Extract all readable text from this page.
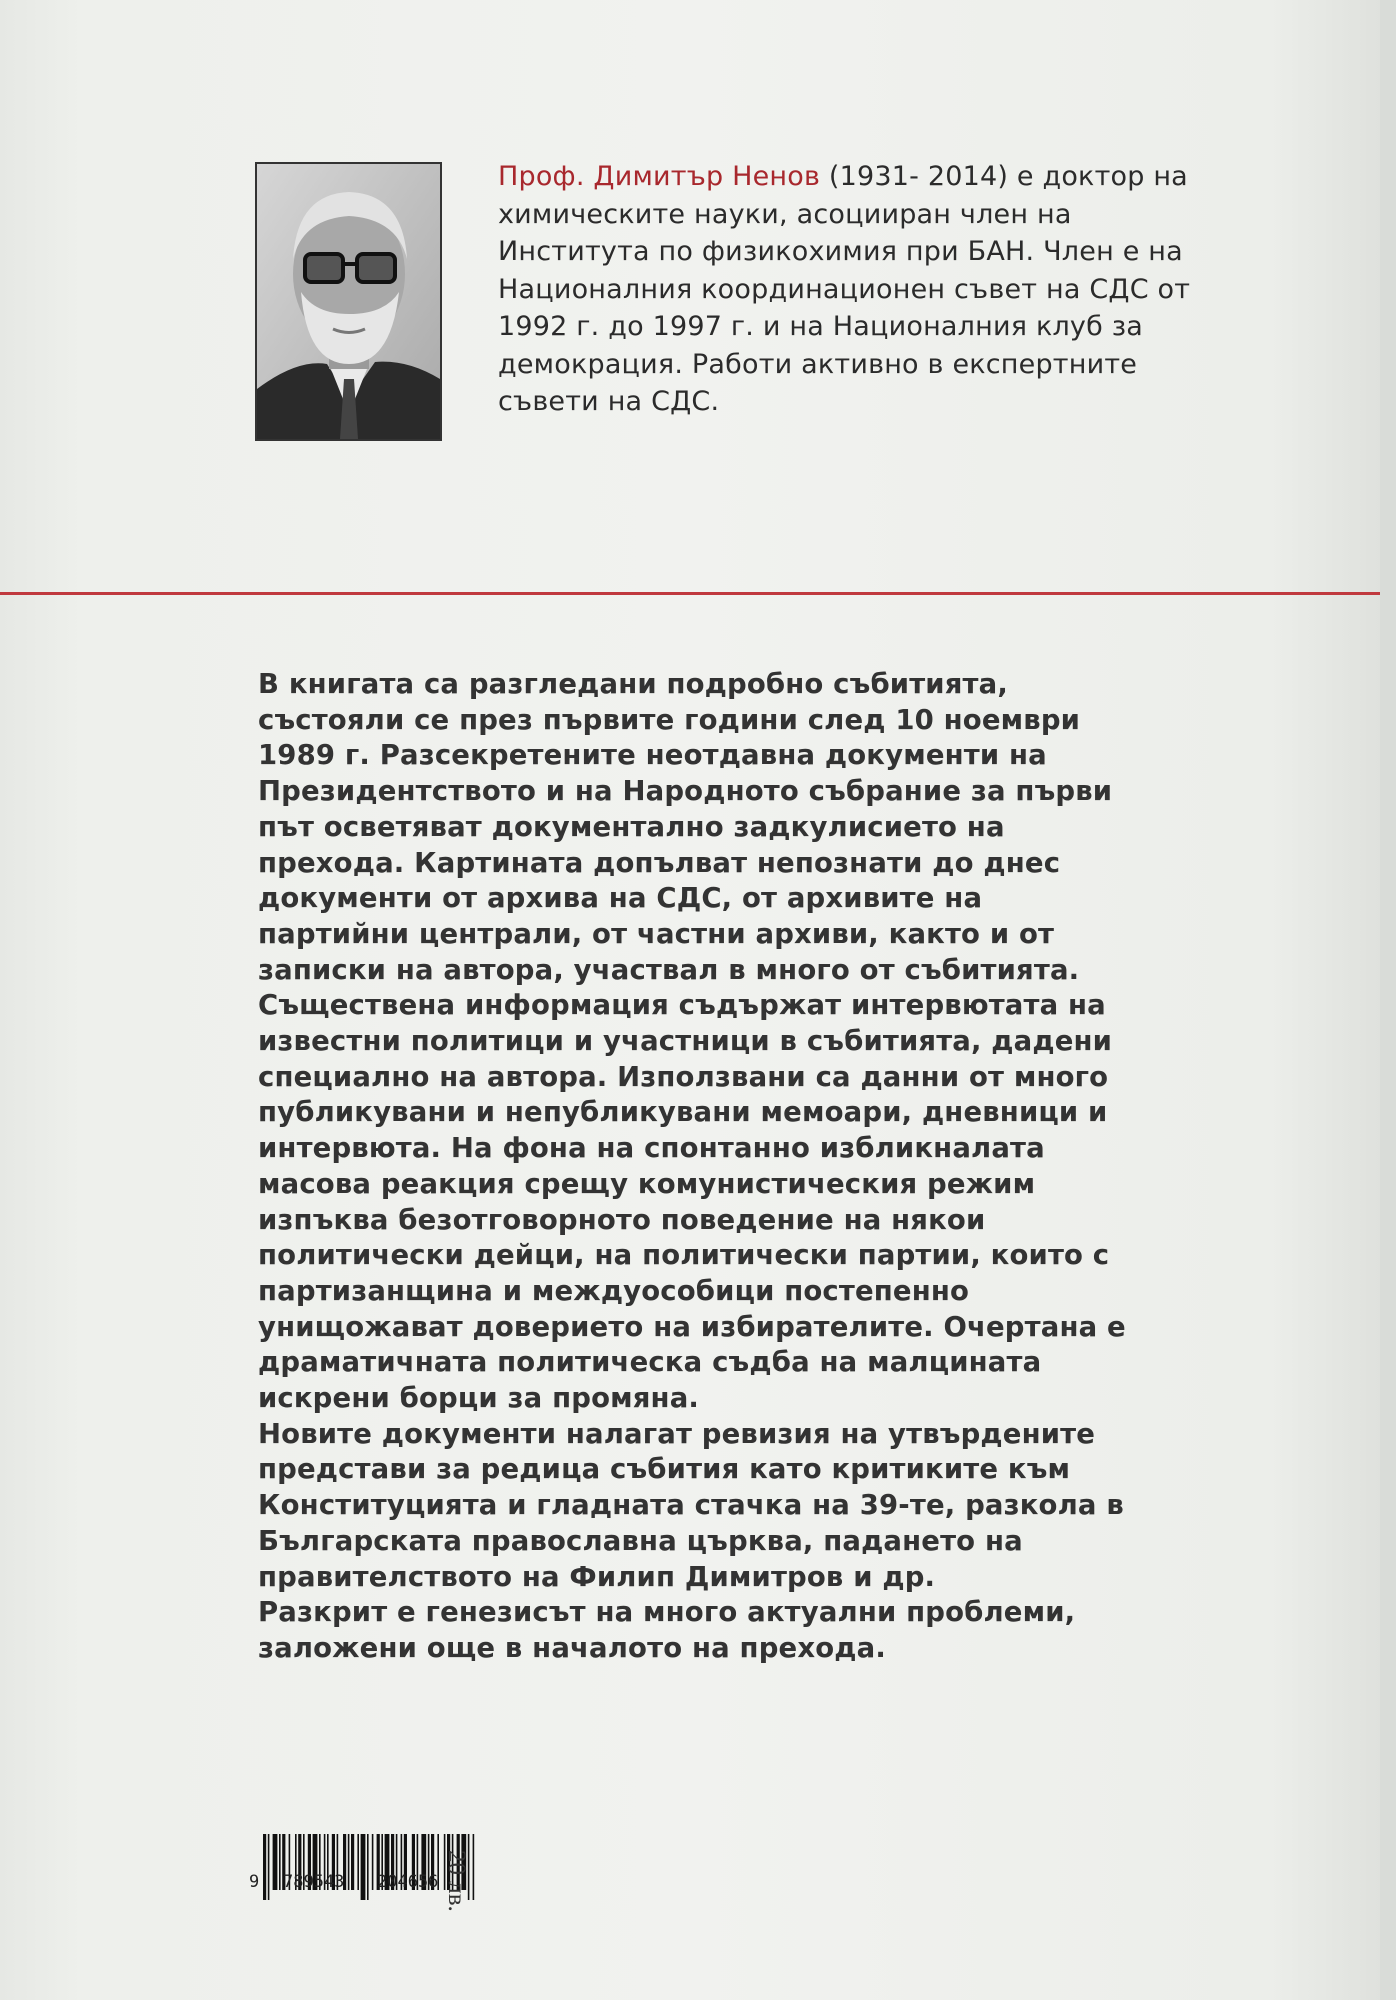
Проф. Димитър Ненов (1931- 2014) е доктор на химическите науки, асоцииран член на Института по физикохимия при БАН. Член е на Националния координационен съвет на СДС от 1992 г. до 1997 г. и на Националния клуб за демокрация. Работи активно в експертните съвети на СДС.

В книгата са разгледани подробно събитията,
състояли се през първите години след 10 ноември
1989 г. Разсекретените неотдавна документи на
Президентството и на Народното събрание за първи
път осветяват документално задкулисието на
прехода. Картината допълват непознати до днес
документи от архива на СДС, от архивите на
партийни централи, от частни архиви, както и от
записки на автора, участвал в много от събитията.
Съществена информация съдържат интервютата на
известни политици и участници в събитията, дадени
специално на автора. Използвани са данни от много
публикувани и непубликувани мемоари, дневници и
интервюта. На фона на спонтанно избликналата
масова реакция срещу комунистическия режим
изпъква безотговорното поведение на някои
политически дейци, на политически партии, които с
партизанщина и междуособици постепенно
унищожават доверието на избирателите. Очертана е
драматичната политическа съдба на малцината
искрени борци за промяна.

Новите документи налагат ревизия на утвърдените
представи за редица събития като критиките към
Конституцията и гладната стачка на 39-те, разкола в
Българската православна църква, падането на
правителството на Филип Димитров и др.
Разкрит е генезисът на много актуални проблеми,
заложени още в началото на прехода.

9 789543 204656 20 лв.
